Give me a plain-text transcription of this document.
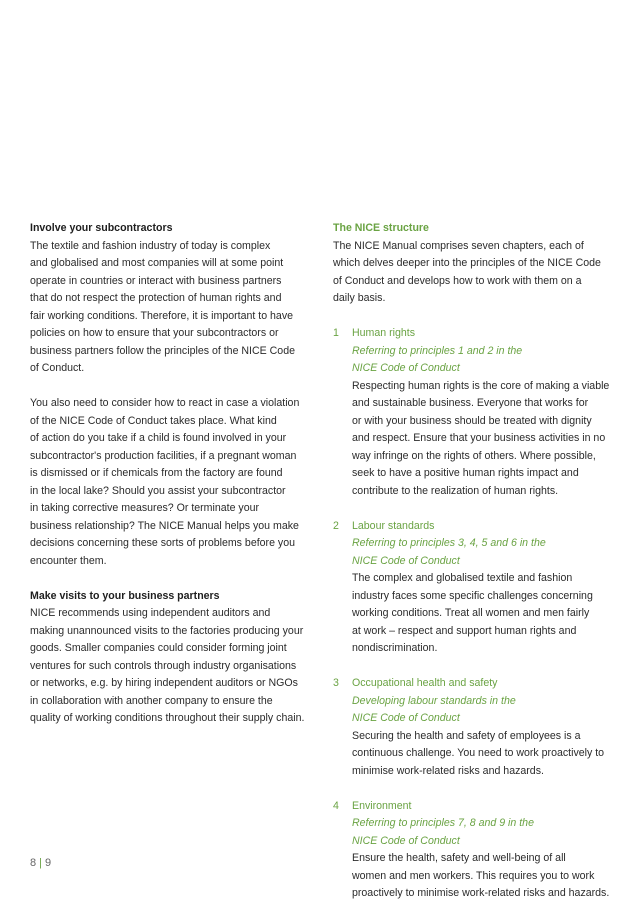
Involve your subcontractors

The textile and fashion industry of today is complex
and globalised and most companies will at some point
operate in countries or interact with business partners
that do not respect the protection of human rights and
fair working conditions. Therefore, it is important to have
policies on how to ensure that your subcontractors or
business partners follow the principles of the NICE Code
of Conduct.
You also need to consider how to react in case a violation
of the NICE Code of Conduct takes place. What kind
of action do you take if a child is found involved in your
subcontractor's production facilities, if a pregnant woman
is dismissed or if chemicals from the factory are found
in the local lake? Should you assist your subcontractor
in taking corrective measures? Or terminate your
business relationship? The NICE Manual helps you make
decisions concerning these sorts of problems before you
encounter them.

Make visits to your business partners

NICE recommends using independent auditors and
making unannounced visits to the factories producing your
goods. Smaller companies could consider forming joint
ventures for such controls through industry organisations
or networks, e.g. by hiring independent auditors or NGOs
in collaboration with another company to ensure the
quality of working conditions throughout their supply chain.

The NICE structure

The NICE Manual comprises seven chapters, each of
which delves deeper into the principles of the NICE Code
of Conduct and develops how to work with them on a
daily basis.
1 Human rights
Referring to principles 1 and 2 in the
NICE Code of Conduct
Respecting human rights is the core of making a viable
and sustainable business. Everyone that works for
or with your business should be treated with dignity
and respect. Ensure that your business activities in no
way infringe on the rights of others. Where possible,
seek to have a positive human rights impact and
contribute to the realization of human rights.
2 Labour standards
Referring to principles 3, 4, 5 and 6 in the
NICE Code of Conduct
The complex and globalised textile and fashion
industry faces some specific challenges concerning
working conditions. Treat all women and men fairly
at work – respect and support human rights and
nondiscrimination.
3 Occupational health and safety
Developing labour standards in the
NICE Code of Conduct
Securing the health and safety of employees is a
continuous challenge. You need to work proactively to
minimise work-related risks and hazards.
4 Environment
Referring to principles 7, 8 and 9 in the
NICE Code of Conduct
Ensure the health, safety and well-being of all
women and men workers. This requires you to work
proactively to minimise work-related risks and hazards.
8 | 9
